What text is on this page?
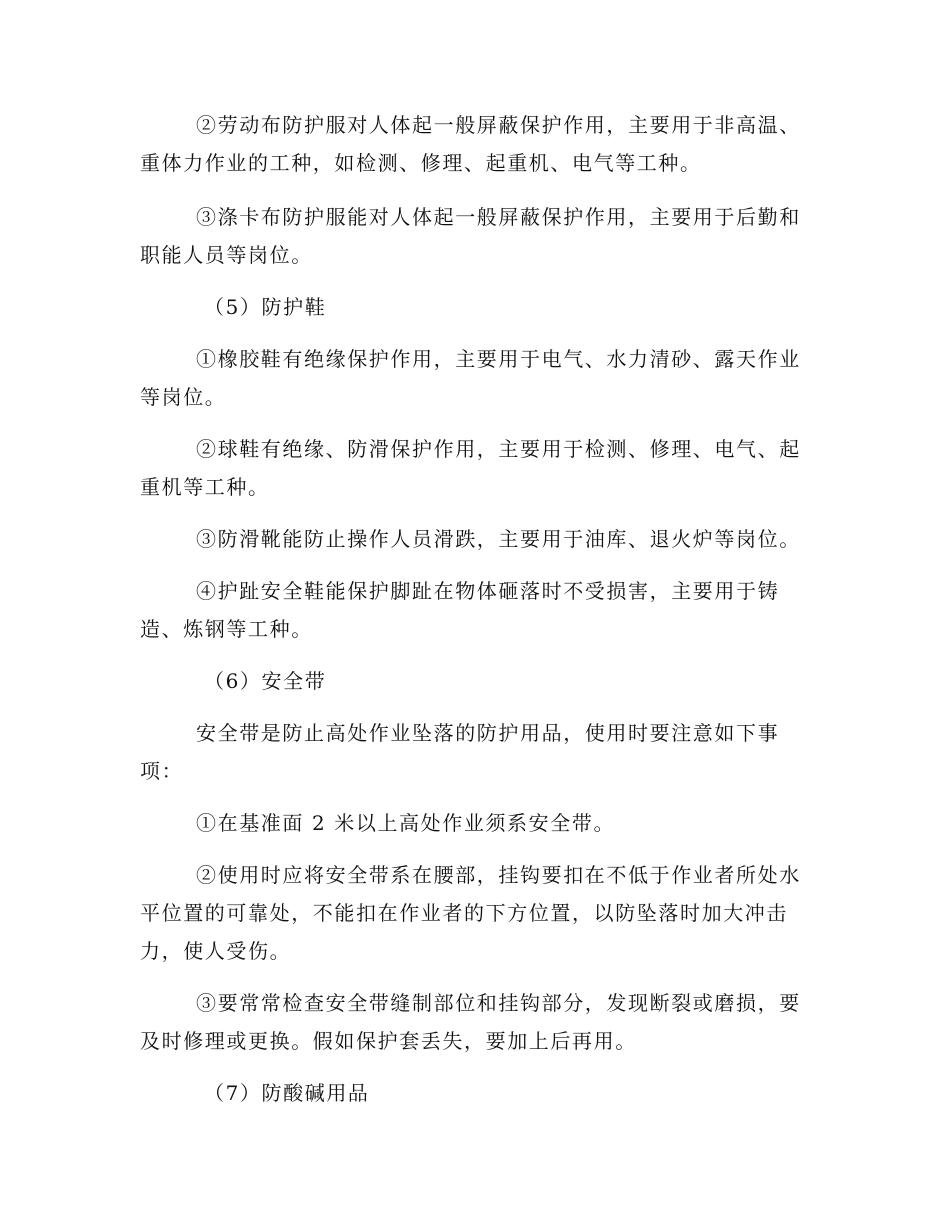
②劳动布防护服对人体起一般屏蔽保护作用，主要用于非高温、
重体力作业的工种，如检测、修理、起重机、电气等工种。
③涤卡布防护服能对人体起一般屏蔽保护作用，主要用于后勤和
职能人员等岗位。
（5）防护鞋
①橡胶鞋有绝缘保护作用，主要用于电气、水力清砂、露天作业
等岗位。
②球鞋有绝缘、防滑保护作用，主要用于检测、修理、电气、起
重机等工种。
③防滑靴能防止操作人员滑跌，主要用于油库、退火炉等岗位。
④护趾安全鞋能保护脚趾在物体砸落时不受损害，主要用于铸
造、炼钢等工种。
（6）安全带
安全带是防止高处作业坠落的防护用品，使用时要注意如下事
项：
①在基准面 2 米以上高处作业须系安全带。
②使用时应将安全带系在腰部，挂钩要扣在不低于作业者所处水
平位置的可靠处，不能扣在作业者的下方位置，以防坠落时加大冲击
力，使人受伤。
③要常常检查安全带缝制部位和挂钩部分，发现断裂或磨损，要
及时修理或更换。假如保护套丢失，要加上后再用。
（7）防酸碱用品
